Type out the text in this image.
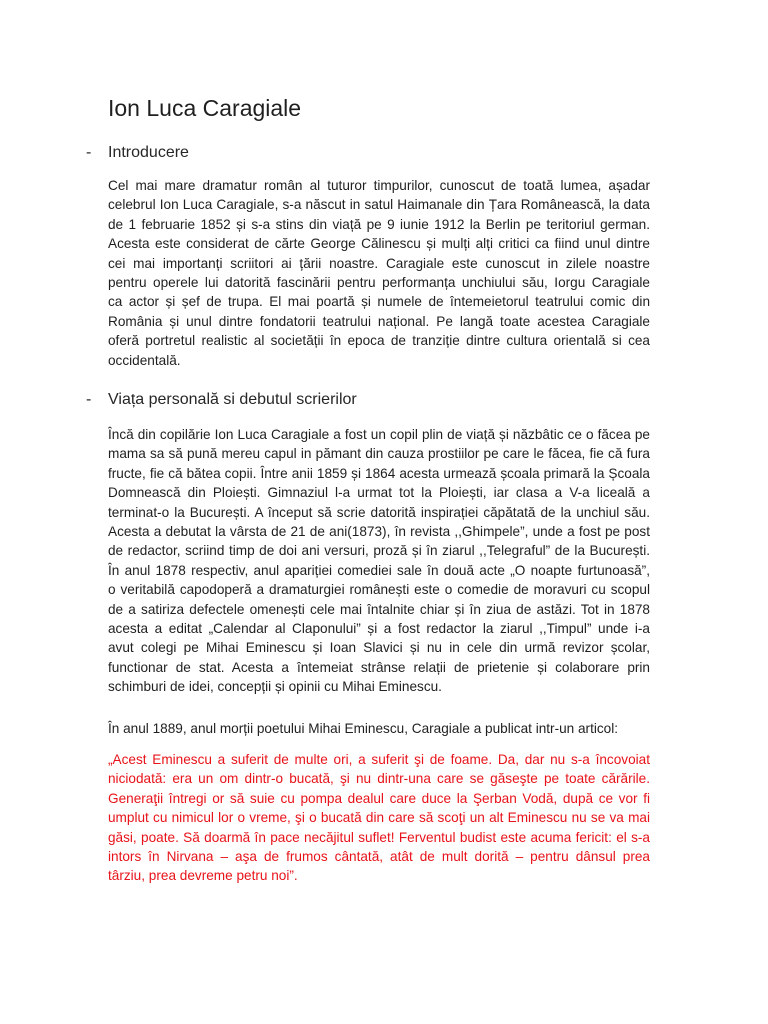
Ion Luca Caragiale
- Introducere
Cel mai mare dramatur român al tuturor timpurilor, cunoscut de toată lumea, așadar
celebrul Ion Luca Caragiale, s-a născut in satul Haimanale din Țara Românească, la data
de 1 februarie 1852 și s-a stins din viață pe 9 iunie 1912 la Berlin pe teritoriul german.
Acesta este considerat de cărte George Călinescu și mulți alți critici ca fiind unul dintre
cei mai importanți scriitori ai țării noastre. Caragiale este cunoscut in zilele noastre
pentru operele lui datorită fascinării pentru performanța unchiului său, Iorgu Caragiale
ca actor și șef de trupa. El mai poartă și numele de întemeietorul teatrului comic din
România și unul dintre fondatorii teatrului național. Pe langă toate acestea Caragiale
oferă portretul realistic al societății în epoca de tranziție dintre cultura orientală si cea
occidentală.
- Viața personală si debutul scrierilor
Încă din copilărie Ion Luca Caragiale a fost un copil plin de viață și năzbâtic ce o făcea pe
mama sa să pună mereu capul in pămant din cauza prostiilor pe care le făcea, fie că fura
fructe, fie că bătea copii. Între anii 1859 și 1864 acesta urmează școala primară la Școala
Domnească din Ploiești. Gimnaziul l-a urmat tot la Ploiești, iar clasa a V-a liceală a
terminat-o la București. A început să scrie datorită inspirației căpătată de la unchiul său.
Acesta a debutat la vârsta de 21 de ani(1873), în revista ,,Ghimpele”, unde a fost pe post
de redactor, scriind timp de doi ani versuri, proză și în ziarul ,,Telegraful” de la București.
În anul 1878 respectiv, anul apariției comediei sale în două acte „O noapte furtunoasă”,
o veritabilă capodoperă a dramaturgiei românești este o comedie de moravuri cu scopul
de a satiriza defectele omenești cele mai întalnite chiar și în ziua de astăzi. Tot in 1878
acesta a editat „Calendar al Claponului” și a fost redactor la ziarul ,,Timpul” unde i-a
avut colegi pe Mihai Eminescu și Ioan Slavici și nu in cele din urmă revizor școlar,
functionar de stat. Acesta a întemeiat strânse relații de prietenie și colaborare prin
schimburi de idei, concepții și opinii cu Mihai Eminescu.
În anul 1889, anul morții poetului Mihai Eminescu, Caragiale a publicat intr-un articol:
„Acest Eminescu a suferit de multe ori, a suferit şi de foame. Da, dar nu s-a încovoiat
niciodată: era un om dintr-o bucată, şi nu dintr-una care se găseşte pe toate cărările.
Generaţii întregi or să suie cu pompa dealul care duce la Şerban Vodă, după ce vor fi
umplut cu nimicul lor o vreme, şi o bucată din care să scoţi un alt Eminescu nu se va mai
găsi, poate. Să doarmă în pace necăjitul suflet! Ferventul budist este acuma fericit: el s-a
intors în Nirvana – aşa de frumos cântată, atât de mult dorită – pentru dânsul prea
târziu, prea devreme petru noi”.
